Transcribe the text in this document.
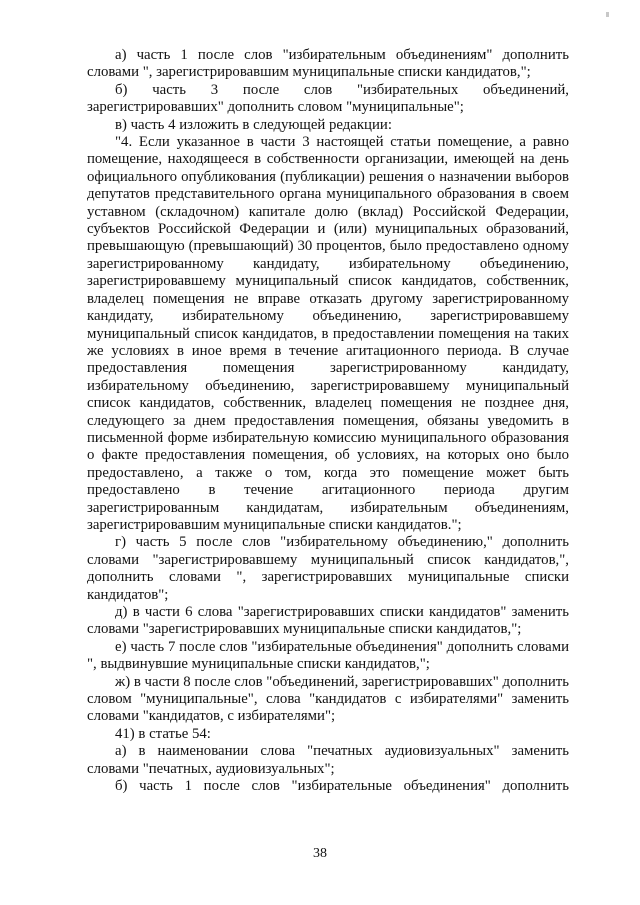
а) часть 1 после слов "избирательным объединениям" дополнить словами ", зарегистрировавшим муниципальные списки кандидатов,";

б) часть 3 после слов "избирательных объединений, зарегистрировавших" дополнить словом "муниципальные";

в) часть 4 изложить в следующей редакции:

"4. Если указанное в части 3 настоящей статьи помещение, а равно помещение, находящееся в собственности организации, имеющей на день официального опубликования (публикации) решения о назначении выборов депутатов представительного органа муниципального образования в своем уставном (складочном) капитале долю (вклад) Российской Федерации, субъектов Российской Федерации и (или) муниципальных образований, превышающую (превышающий) 30 процентов, было предоставлено одному зарегистрированному кандидату, избирательному объединению, зарегистрировавшему муниципальный список кандидатов, собственник, владелец помещения не вправе отказать другому зарегистрированному кандидату, избирательному объединению, зарегистрировавшему муниципальный список кандидатов, в предоставлении помещения на таких же условиях в иное время в течение агитационного периода. В случае предоставления помещения зарегистрированному кандидату, избирательному объединению, зарегистрировавшему муниципальный список кандидатов, собственник, владелец помещения не позднее дня, следующего за днем предоставления помещения, обязаны уведомить в письменной форме избирательную комиссию муниципального образования о факте предоставления помещения, об условиях, на которых оно было предоставлено, а также о том, когда это помещение может быть предоставлено в течение агитационного периода другим зарегистрированным кандидатам, избирательным объединениям, зарегистрировавшим муниципальные списки кандидатов.";

г) часть 5 после слов "избирательному объединению," дополнить словами "зарегистрировавшему муниципальный список кандидатов,", дополнить словами ", зарегистрировавших муниципальные списки кандидатов";

д) в части 6 слова "зарегистрировавших списки кандидатов" заменить словами "зарегистрировавших муниципальные списки кандидатов,";

е) часть 7 после слов "избирательные объединения" дополнить словами ", выдвинувшие муниципальные списки кандидатов,";

ж) в части 8 после слов "объединений, зарегистрировавших" дополнить словом "муниципальные", слова "кандидатов с избирателями" заменить словами "кандидатов, с избирателями";

41) в статье 54:

а) в наименовании слова "печатных аудиовизуальных" заменить словами "печатных, аудиовизуальных";

б) часть 1 после слов "избирательные объединения" дополнить

38
